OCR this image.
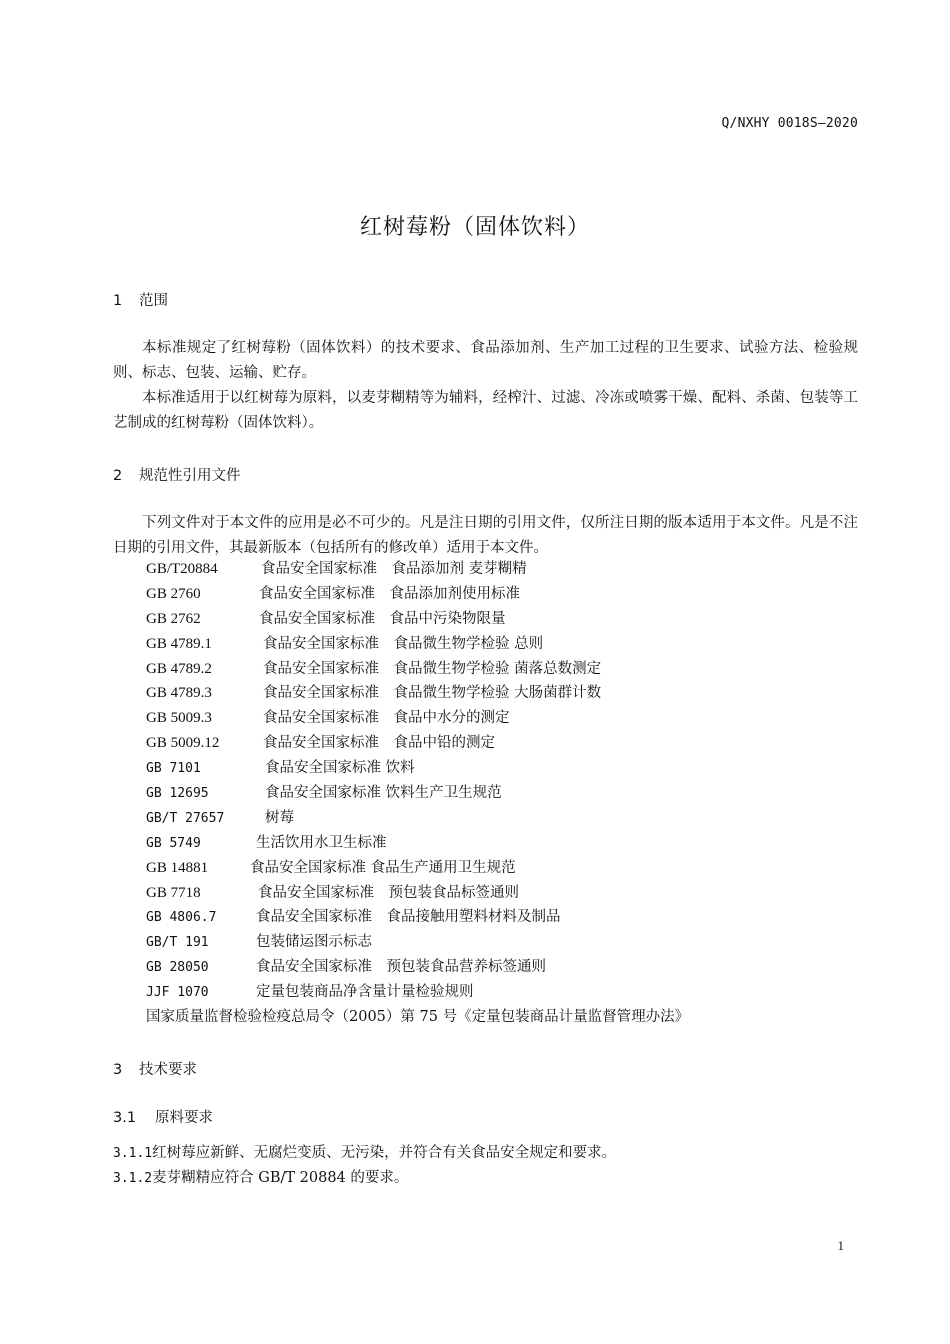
Q/NXHY 0018S—2020
红树莓粉（固体饮料）
1 范围

本标准规定了红树莓粉（固体饮料）的技术要求、食品添加剂、生产加工过程的卫生要求、试验方法、检验规则、标志、包装、运输、贮存。

本标准适用于以红树莓为原料，以麦芽糊精等为辅料，经榨汁、过滤、冷冻或喷雾干燥、配料、杀菌、包装等工艺制成的红树莓粉（固体饮料）。

2 规范性引用文件

下列文件对于本文件的应用是必不可少的。凡是注日期的引用文件，仅所注日期的版本适用于本文件。凡是不注日期的引用文件，其最新版本（包括所有的修改单）适用于本文件。

GB/T20884	食品安全国家标准　食品添加剂 麦芽糊精
GB 2760	食品安全国家标准　食品添加剂使用标准
GB 2762	食品安全国家标准　食品中污染物限量
GB 4789.1	食品安全国家标准　食品微生物学检验 总则
GB 4789.2	食品安全国家标准　食品微生物学检验 菌落总数测定
GB 4789.3	食品安全国家标准　食品微生物学检验 大肠菌群计数
GB 5009.3	食品安全国家标准　食品中水分的测定
GB 5009.12	食品安全国家标准　食品中铅的测定
GB 7101	食品安全国家标准 饮料
GB 12695	食品安全国家标准 饮料生产卫生规范
GB/T 27657	树莓
GB 5749	生活饮用水卫生标准
GB 14881	食品安全国家标准 食品生产通用卫生规范
GB 7718	食品安全国家标准　预包装食品标签通则
GB 4806.7	食品安全国家标准　食品接触用塑料材料及制品
GB/T 191	包装储运图示标志
GB 28050	食品安全国家标准　预包装食品营养标签通则
JJF 1070	定量包装商品净含量计量检验规则
国家质量监督检验检疫总局令（2005）第 75 号《定量包装商品计量监督管理办法》
3 技术要求
3.1 原料要求
3.1.1红树莓应新鲜、无腐烂变质、无污染，并符合有关食品安全规定和要求。
3.1.2麦芽糊精应符合 GB/T 20884 的要求。
1
